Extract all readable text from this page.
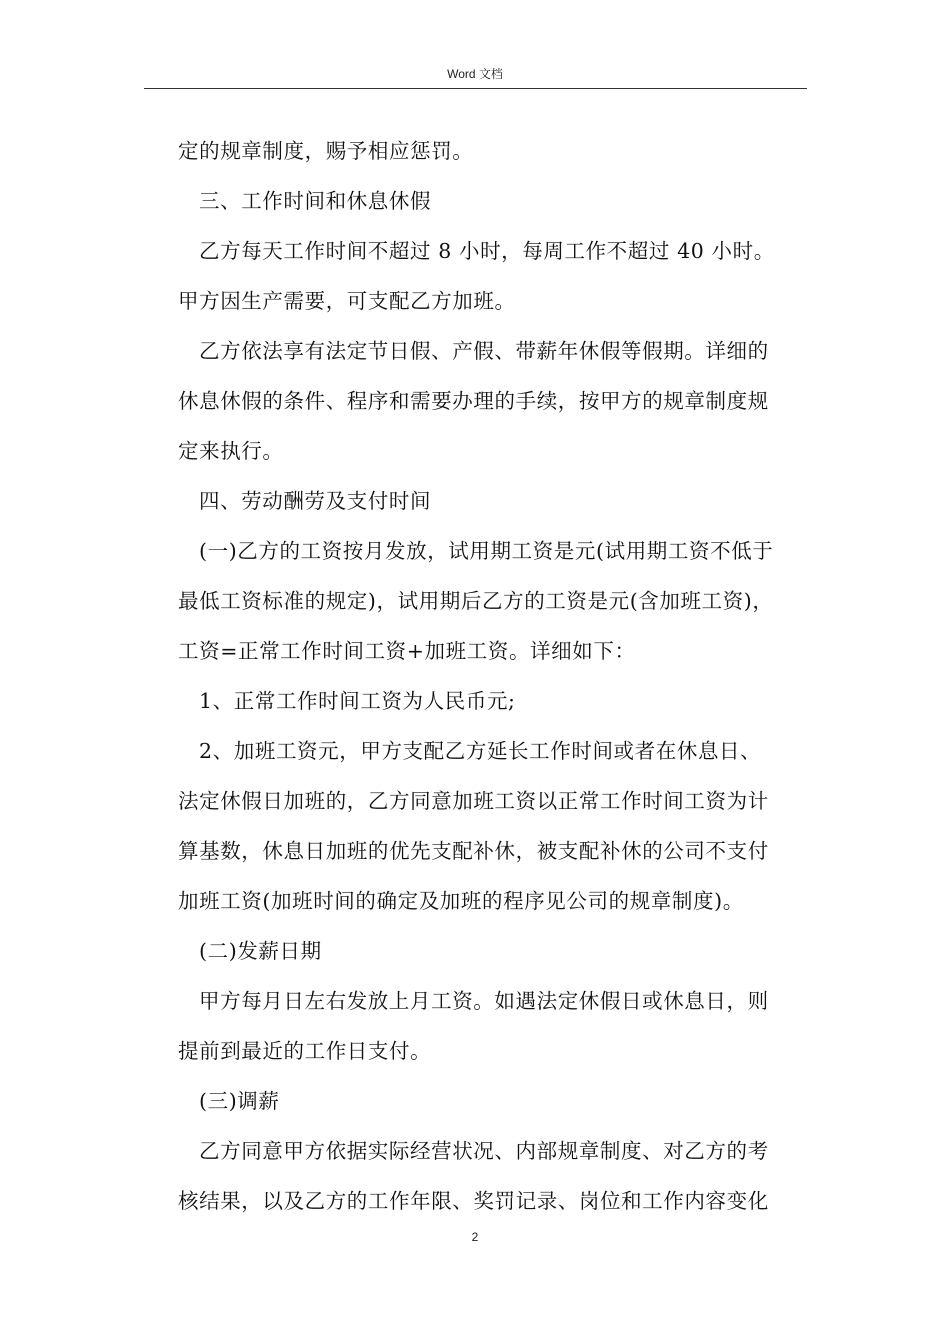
Word 文档
定的规章制度，赐予相应惩罚。
三、工作时间和休息休假
乙方每天工作时间不超过 8 小时，每周工作不超过 40 小时。
甲方因生产需要，可支配乙方加班。
乙方依法享有法定节日假、产假、带薪年休假等假期。详细的
休息休假的条件、程序和需要办理的手续，按甲方的规章制度规
定来执行。
四、劳动酬劳及支付时间
(一)乙方的工资按月发放，试用期工资是元(试用期工资不低于
最低工资标准的规定)，试用期后乙方的工资是元(含加班工资)，
工资=正常工作时间工资+加班工资。详细如下：
1、正常工作时间工资为人民币元;
2、加班工资元，甲方支配乙方延长工作时间或者在休息日、
法定休假日加班的，乙方同意加班工资以正常工作时间工资为计
算基数，休息日加班的优先支配补休，被支配补休的公司不支付
加班工资(加班时间的确定及加班的程序见公司的规章制度)。
(二)发薪日期
甲方每月日左右发放上月工资。如遇法定休假日或休息日，则
提前到最近的工作日支付。
(三)调薪
乙方同意甲方依据实际经营状况、内部规章制度、对乙方的考
核结果，以及乙方的工作年限、奖罚记录、岗位和工作内容变化
2
